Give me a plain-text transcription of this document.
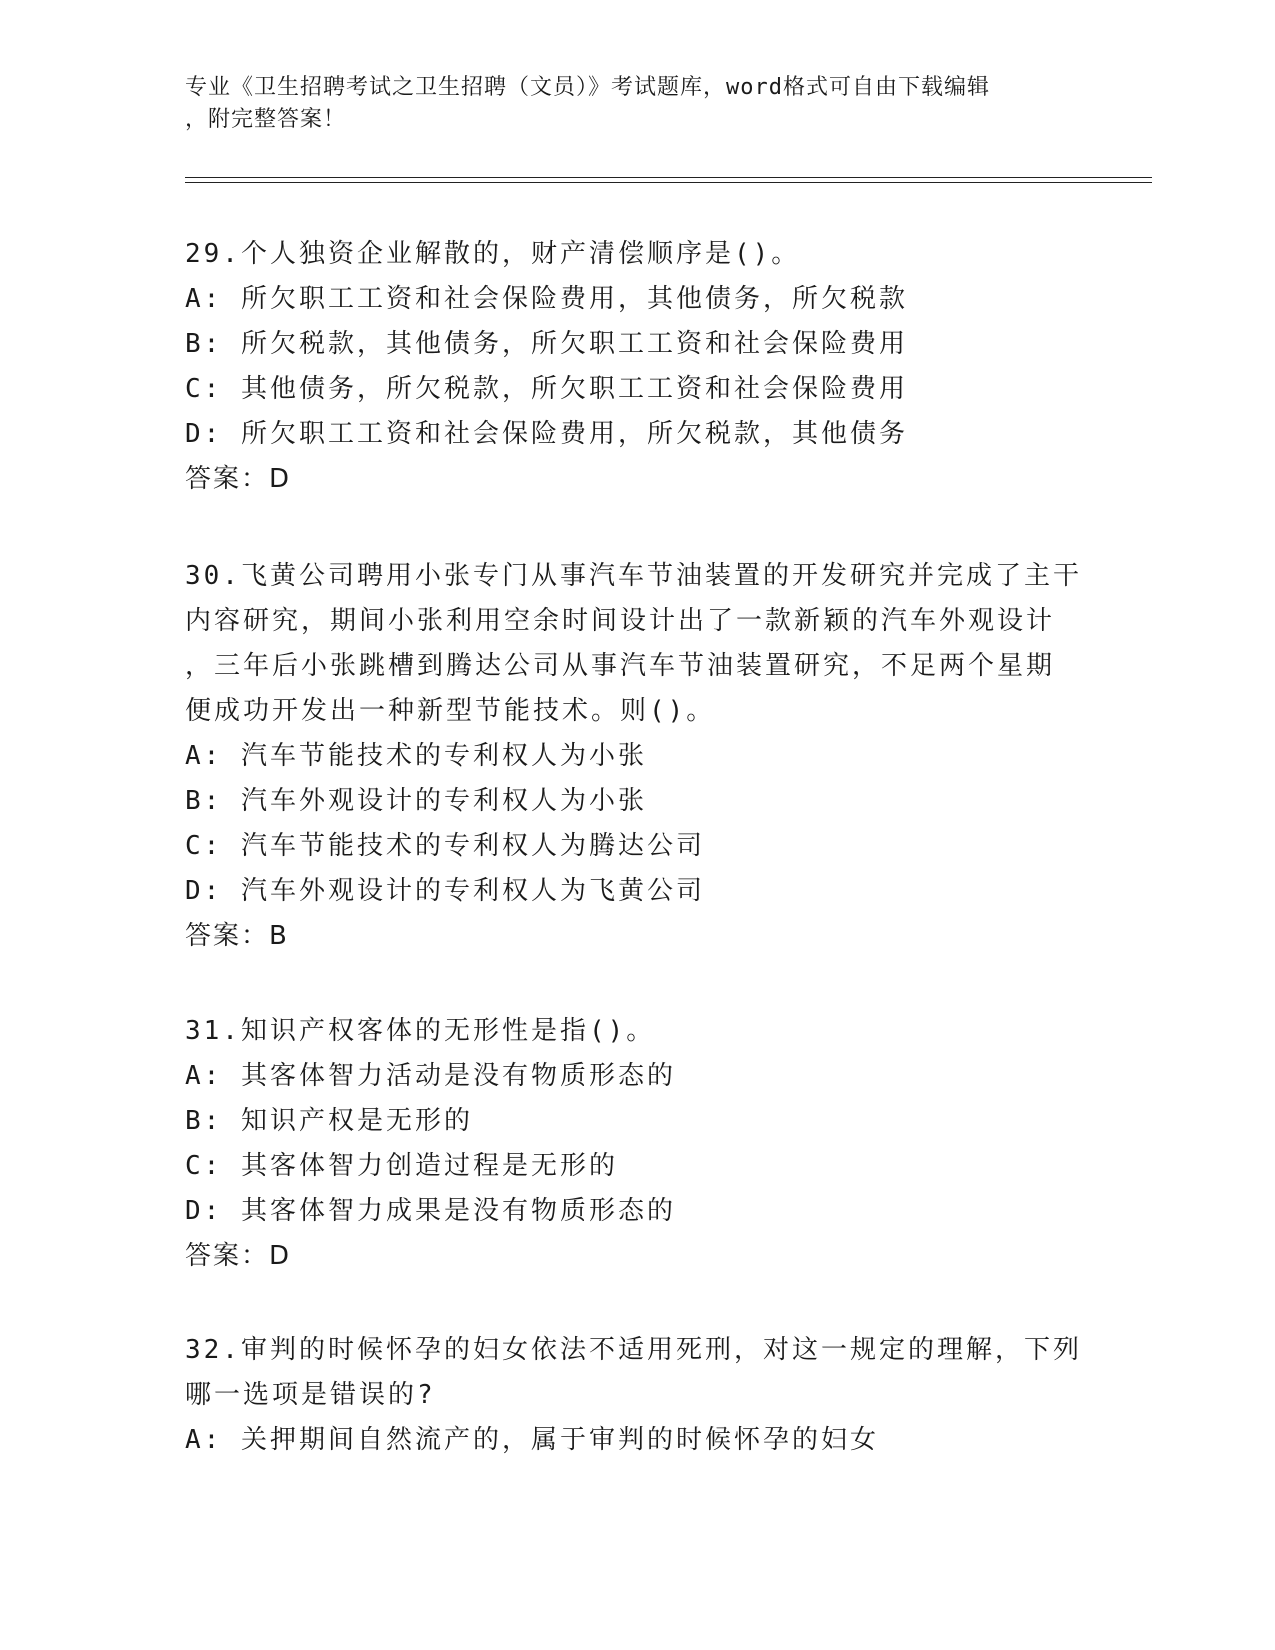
专业《卫生招聘考试之卫生招聘（文员）》考试题库，word格式可自由下载编辑
，附完整答案！

29.个人独资企业解散的，财产清偿顺序是()。

A: 所欠职工工资和社会保险费用，其他债务，所欠税款

B: 所欠税款，其他债务，所欠职工工资和社会保险费用

C: 其他债务，所欠税款，所欠职工工资和社会保险费用

D: 所欠职工工资和社会保险费用，所欠税款，其他债务

答案：D

30.飞黄公司聘用小张专门从事汽车节油装置的开发研究并完成了主干

内容研究，期间小张利用空余时间设计出了一款新颖的汽车外观设计

，三年后小张跳槽到腾达公司从事汽车节油装置研究，不足两个星期

便成功开发出一种新型节能技术。则()。

A: 汽车节能技术的专利权人为小张

B: 汽车外观设计的专利权人为小张

C: 汽车节能技术的专利权人为腾达公司

D: 汽车外观设计的专利权人为飞黄公司

答案：B

31.知识产权客体的无形性是指()。

A: 其客体智力活动是没有物质形态的

B: 知识产权是无形的

C: 其客体智力创造过程是无形的

D: 其客体智力成果是没有物质形态的

答案：D

32.审判的时候怀孕的妇女依法不适用死刑，对这一规定的理解，下列

哪一选项是错误的?

A: 关押期间自然流产的，属于审判的时候怀孕的妇女
